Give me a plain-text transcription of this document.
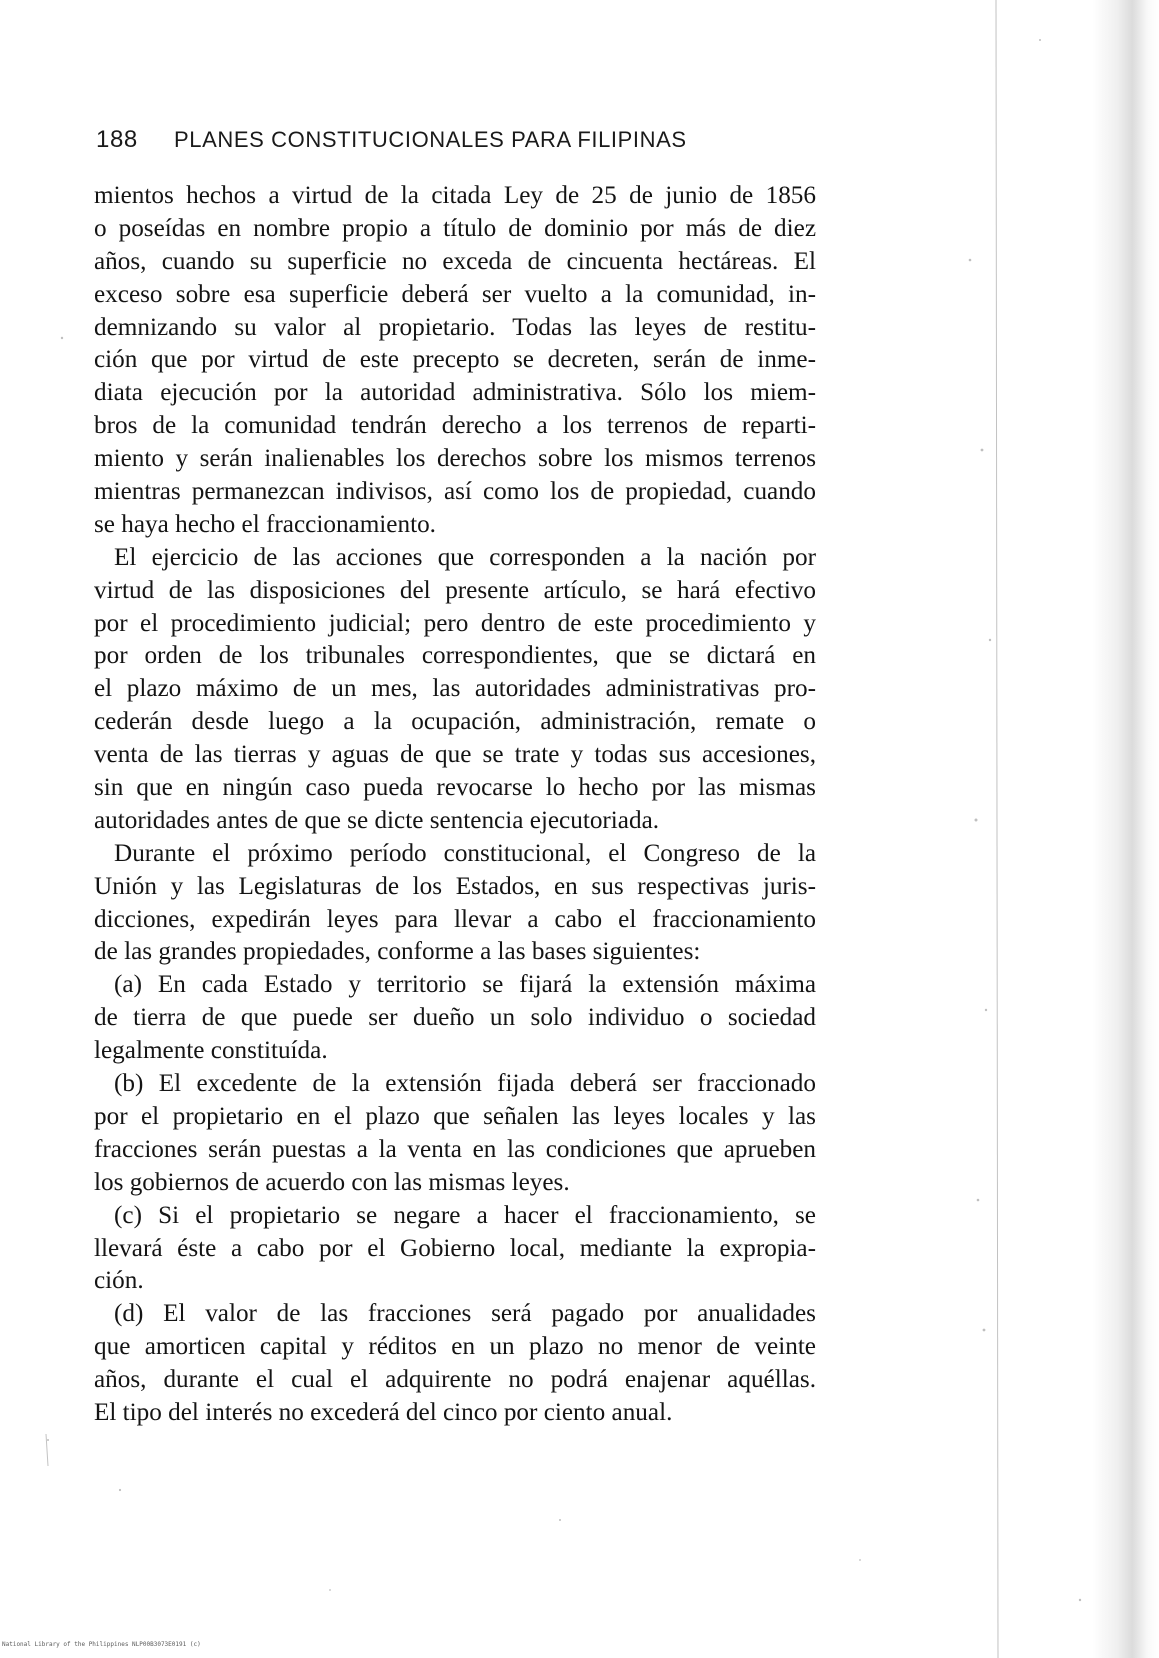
188 PLANES CONSTITUCIONALES PARA FILIPINAS
mientos hechos a virtud de la citada Ley de 25 de junio de 1856
o poseídas en nombre propio a título de dominio por más de diez
años, cuando su superficie no exceda de cincuenta hectáreas. El
exceso sobre esa superficie deberá ser vuelto a la comunidad, in-
demnizando su valor al propietario. Todas las leyes de restitu-
ción que por virtud de este precepto se decreten, serán de inme-
diata ejecución por la autoridad administrativa. Sólo los miem-
bros de la comunidad tendrán derecho a los terrenos de reparti-
miento y serán inalienables los derechos sobre los mismos terrenos
mientras permanezcan indivisos, así como los de propiedad, cuando
se haya hecho el fraccionamiento.
El ejercicio de las acciones que corresponden a la nación por
virtud de las disposiciones del presente artículo, se hará efectivo
por el procedimiento judicial; pero dentro de este procedimiento y
por orden de los tribunales correspondientes, que se dictará en
el plazo máximo de un mes, las autoridades administrativas pro-
cederán desde luego a la ocupación, administración, remate o
venta de las tierras y aguas de que se trate y todas sus accesiones,
sin que en ningún caso pueda revocarse lo hecho por las mismas
autoridades antes de que se dicte sentencia ejecutoriada.
Durante el próximo período constitucional, el Congreso de la
Unión y las Legislaturas de los Estados, en sus respectivas juris-
dicciones, expedirán leyes para llevar a cabo el fraccionamiento
de las grandes propiedades, conforme a las bases siguientes:
(a) En cada Estado y territorio se fijará la extensión máxima
de tierra de que puede ser dueño un solo individuo o sociedad
legalmente constituída.
(b) El excedente de la extensión fijada deberá ser fraccionado
por el propietario en el plazo que señalen las leyes locales y las
fracciones serán puestas a la venta en las condiciones que aprueben
los gobiernos de acuerdo con las mismas leyes.
(c) Si el propietario se negare a hacer el fraccionamiento, se
llevará éste a cabo por el Gobierno local, mediante la expropia-
ción.
(d) El valor de las fracciones será pagado por anualidades
que amorticen capital y réditos en un plazo no menor de veinte
años, durante el cual el adquirente no podrá enajenar aquéllas.
El tipo del interés no excederá del cinco por ciento anual.
National Library of the Philippines NLP00B3073E0191 (c)
